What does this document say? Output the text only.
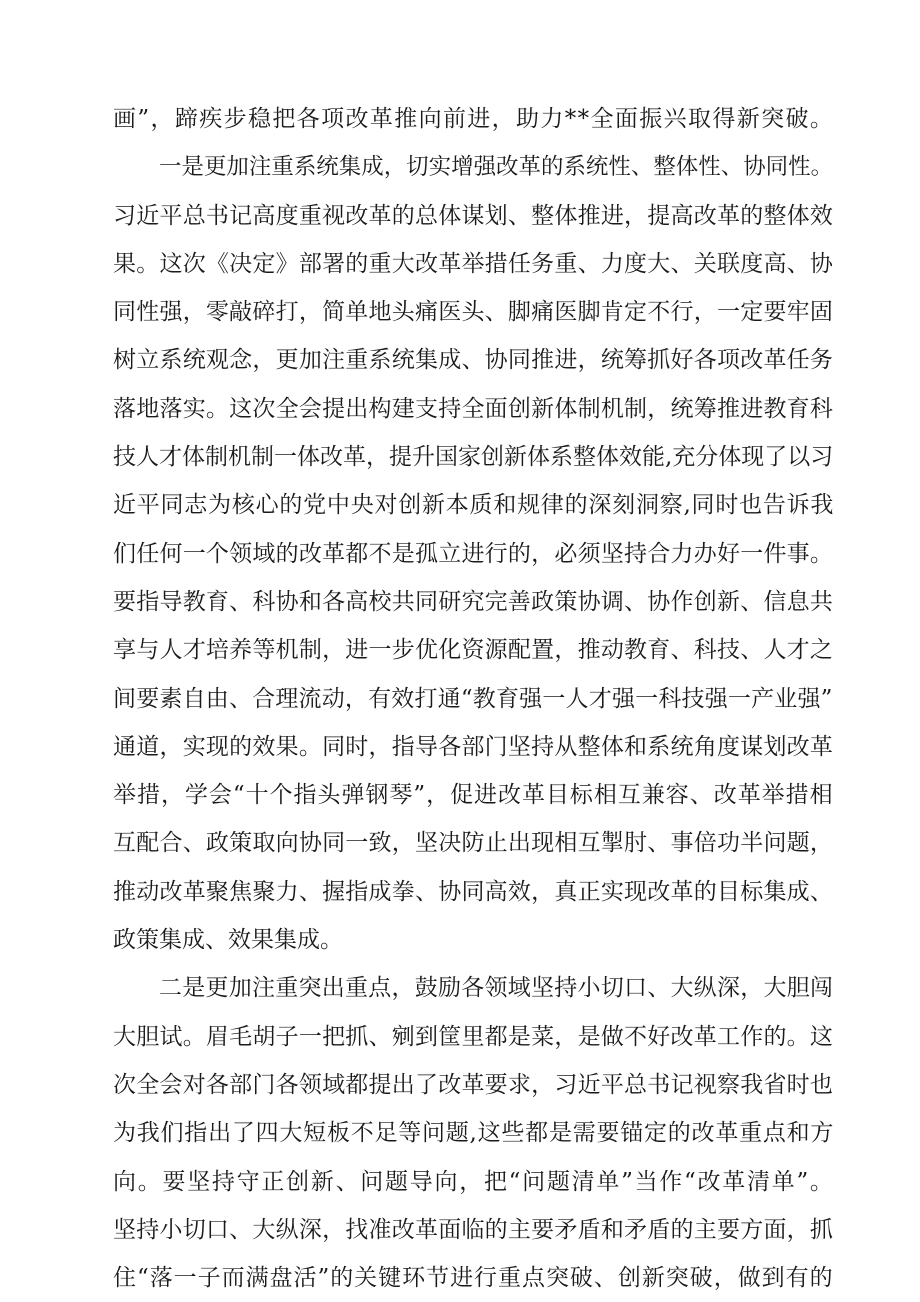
画”，蹄疾步稳把各项改革推向前进，助力**全面振兴取得新突破。
一是更加注重系统集成，切实增强改革的系统性、整体性、协同性。
习近平总书记高度重视改革的总体谋划、整体推进，提高改革的整体效
果。这次《决定》部署的重大改革举措任务重、力度大、关联度高、协
同性强，零敲碎打，简单地头痛医头、脚痛医脚肯定不行，一定要牢固
树立系统观念，更加注重系统集成、协同推进，统筹抓好各项改革任务
落地落实。这次全会提出构建支持全面创新体制机制，统筹推进教育科
技人才体制机制一体改革，提升国家创新体系整体效能,充分体现了以习
近平同志为核心的党中央对创新本质和规律的深刻洞察,同时也告诉我
们任何一个领域的改革都不是孤立进行的，必须坚持合力办好一件事。
要指导教育、科协和各高校共同研究完善政策协调、协作创新、信息共
享与人才培养等机制，进一步优化资源配置，推动教育、科技、人才之
间要素自由、合理流动，有效打通“教育强一人才强一科技强一产业强”
通道，实现的效果。同时，指导各部门坚持从整体和系统角度谋划改革
举措，学会“十个指头弹钢琴”，促进改革目标相互兼容、改革举措相
互配合、政策取向协同一致，坚决防止出现相互掣肘、事倍功半问题，
推动改革聚焦聚力、握指成拳、协同高效，真正实现改革的目标集成、
政策集成、效果集成。
二是更加注重突出重点，鼓励各领域坚持小切口、大纵深，大胆闯
大胆试。眉毛胡子一把抓、剜到筐里都是菜，是做不好改革工作的。这
次全会对各部门各领域都提出了改革要求，习近平总书记视察我省时也
为我们指出了四大短板不足等问题,这些都是需要锚定的改革重点和方
向。要坚持守正创新、问题导向，把“问题清单”当作“改革清单”。
坚持小切口、大纵深，找准改革面临的主要矛盾和矛盾的主要方面，抓
住“落一子而满盘活”的关键环节进行重点突破、创新突破，做到有的
